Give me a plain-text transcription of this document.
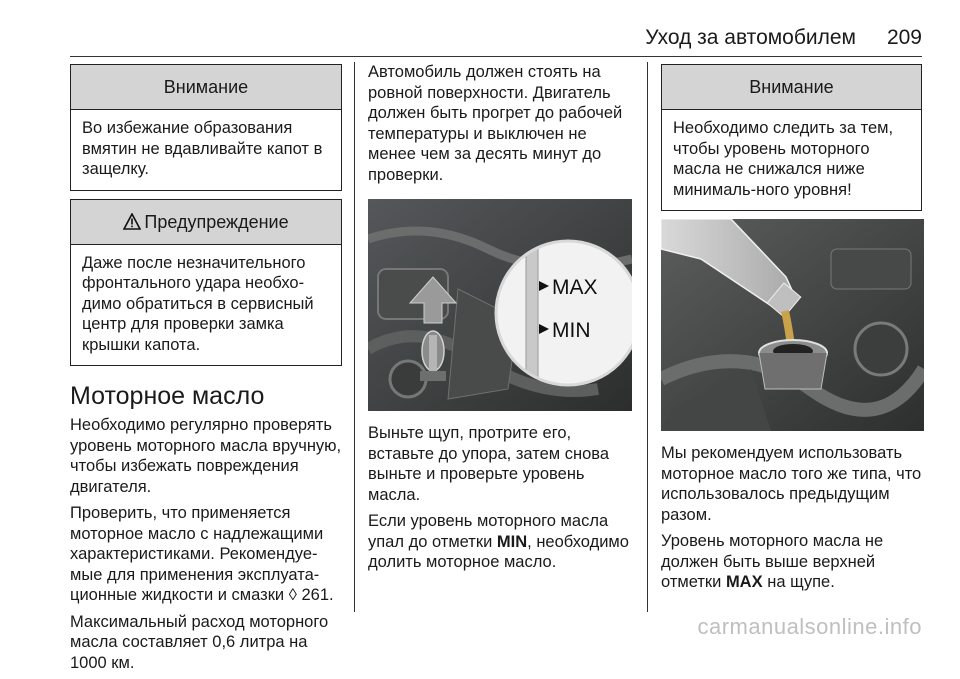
Уход за автомобилем 209
Внимание
Во избежание образования вмятин не вдавливайте капот в защелку.
Предупреждение
Даже после незначительного фронтального удара необхо-димо обратиться в сервисный центр для проверки замка крышки капота.
Моторное масло

Необходимо регулярно проверять уровень моторного масла вручную, чтобы избежать повреждения двигателя.

Проверить, что применяется моторное масло с надлежащими характеристиками. Рекомендуе-мые для применения эксплуата-ционные жидкости и смазки ◊ 261.

Максимальный расход моторного масла составляет 0,6 литра на 1000 км.

Автомобиль должен стоять на ровной поверхности. Двигатель должен быть прогрет до рабочей температуры и выключен не менее чем за десять минут до проверки.

MAX
MIN

Выньте щуп, протрите его, вставьте до упора, затем снова выньте и проверьте уровень масла.

Если уровень моторного масла упал до отметки MIN, необходимо долить моторное масло.

Внимание
Необходимо следить за тем, чтобы уровень моторного масла не снижался ниже минималь-ного уровня!

Мы рекомендуем использовать моторное масло того же типа, что использовалось предыдущим разом.

Уровень моторного масла не должен быть выше верхней отметки MAX на щупе.

carmanualsonline.info
